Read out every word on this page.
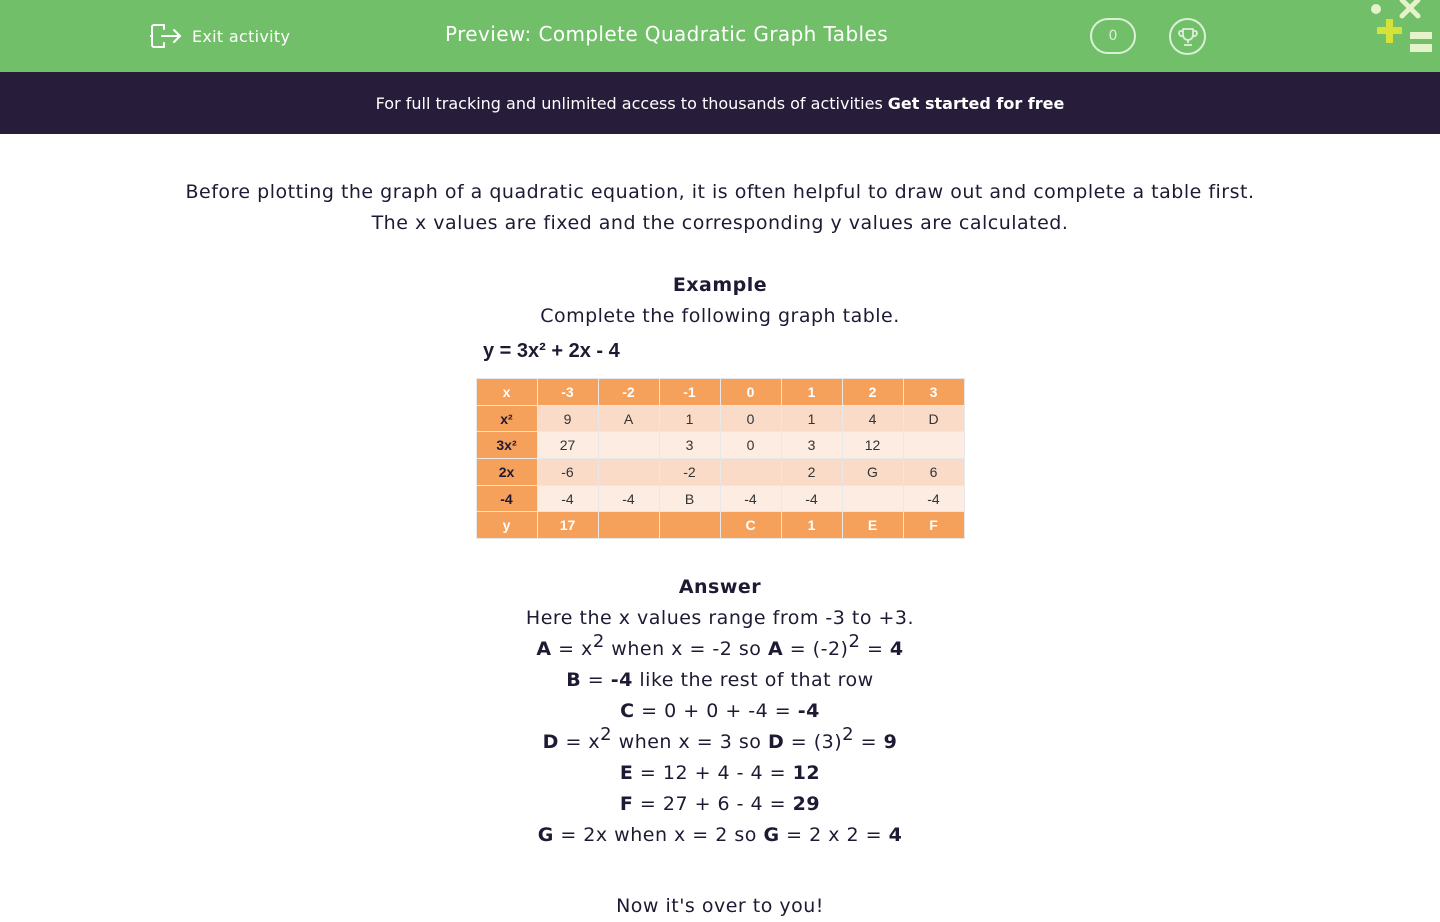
Exit activity	Preview: Complete Quadratic Graph Tables	0
For full tracking and unlimited access to thousands of activities Get started for free
Before plotting the graph of a quadratic equation, it is often helpful to draw out and complete a table first.
The x values are fixed and the corresponding y values are calculated.
Example
Complete the following graph table.
y = 3x² + 2x - 4
x	-3	-2	-1	0	1	2	3
x²	9	A	1	0	1	4	D
3x²	27		3	0	3	12	
2x	-6		-2		2	G	6
-4	-4	-4	B	-4	-4		-4
y	17			C	1	E	F
Answer
Here the x values range from -3 to +3.
$A = x^2$ when x = -2 so $A = (-2)^2 = 4$
B = -4 like the rest of that row
C = 0 + 0 + -4 = -4
$D = x^2$ when x = 3 so $D = (3)^2 = 9$
E = 12 + 4 - 4 = 12
F = 27 + 6 - 4 = 29
G = 2x when x = 2 so G = 2 x 2 = 4
Now it's over to you!
